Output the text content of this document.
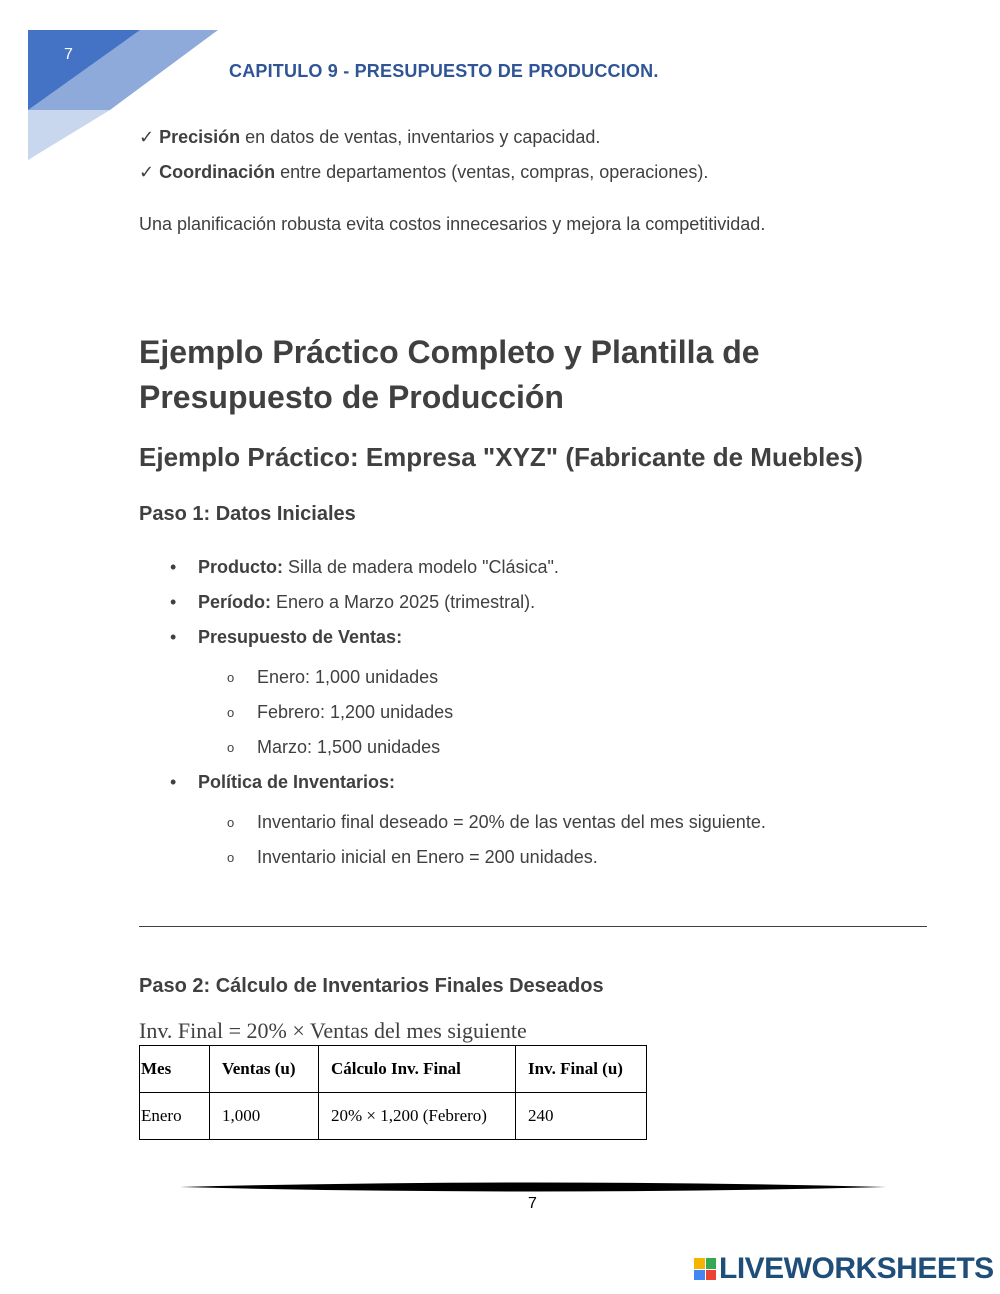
7
CAPITULO 9 - PRESUPUESTO DE PRODUCCION.
✓ Precisión en datos de ventas, inventarios y capacidad.
✓ Coordinación entre departamentos (ventas, compras, operaciones).
Una planificación robusta evita costos innecesarios y mejora la competitividad.
Ejemplo Práctico Completo y Plantilla de Presupuesto de Producción
Ejemplo Práctico: Empresa "XYZ" (Fabricante de Muebles)
Paso 1: Datos Iniciales
• Producto: Silla de madera modelo "Clásica".
• Período: Enero a Marzo 2025 (trimestral).
• Presupuesto de Ventas:
o Enero: 1,000 unidades
o Febrero: 1,200 unidades
o Marzo: 1,500 unidades
• Política de Inventarios:
o Inventario final deseado = 20% de las ventas del mes siguiente.
o Inventario inicial en Enero = 200 unidades.
Paso 2: Cálculo de Inventarios Finales Deseados
Inv. Final = 20% × Ventas del mes siguiente
Mes	Ventas (u)	Cálculo Inv. Final	Inv. Final (u)
Enero	1,000	20% × 1,200 (Febrero)	240
7
LIVEWORKSHEETS
